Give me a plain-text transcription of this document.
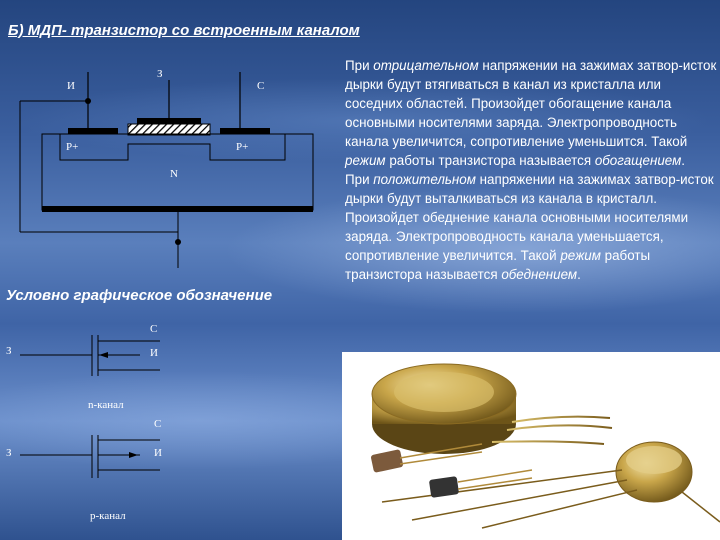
Б) МДП- транзистор со встроенным каналом
З
И	С
P+	P+
N
Условно графическое обозначение
С
З	И
n-канал
С
З	И
p-канал

При отрицательном напряжении на зажимах затвор-исток дырки будут втягиваться в канал из кристалла или соседних областей. Произойдет обогащение канала основными носителями заряда. Электропроводность канала увеличится, сопротивление уменьшится. Такой режим работы транзистора называется обогащением.
При положительном напряжении на зажимах затвор-исток дырки будут выталкиваться из канала в кристалл. Произойдет обеднение канала основными носителями заряда. Электропроводность канала уменьшается, сопротивление увеличится. Такой режим работы транзистора называется обеднением.
